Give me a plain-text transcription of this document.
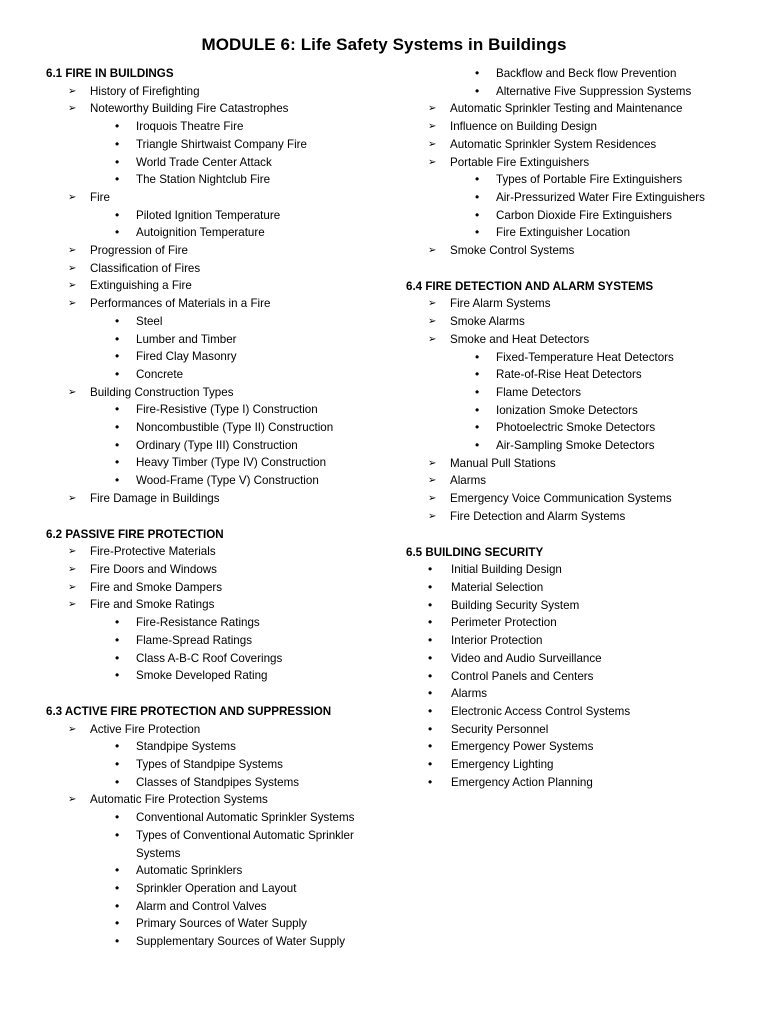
MODULE 6: Life Safety Systems in Buildings
6.1 FIRE IN BUILDINGS
➢ History of Firefighting
➢ Noteworthy Building Fire Catastrophes
• Iroquois Theatre Fire
• Triangle Shirtwaist Company Fire
• World Trade Center Attack
• The Station Nightclub Fire
➢ Fire
• Piloted Ignition Temperature
• Autoignition Temperature
➢ Progression of Fire
➢ Classification of Fires
➢ Extinguishing a Fire
➢ Performances of Materials in a Fire
• Steel
• Lumber and Timber
• Fired Clay Masonry
• Concrete
➢ Building Construction Types
• Fire-Resistive (Type I) Construction
• Noncombustible (Type II) Construction
• Ordinary (Type III) Construction
• Heavy Timber (Type IV) Construction
• Wood-Frame (Type V) Construction
➢ Fire Damage in Buildings
6.2 PASSIVE FIRE PROTECTION
➢ Fire-Protective Materials
➢ Fire Doors and Windows
➢ Fire and Smoke Dampers
➢ Fire and Smoke Ratings
• Fire-Resistance Ratings
• Flame-Spread Ratings
• Class A-B-C Roof Coverings
• Smoke Developed Rating
6.3 ACTIVE FIRE PROTECTION AND SUPPRESSION
➢ Active Fire Protection
• Standpipe Systems
• Types of Standpipe Systems
• Classes of Standpipes Systems
➢ Automatic Fire Protection Systems
• Conventional Automatic Sprinkler Systems
• Types of Conventional Automatic Sprinkler Systems
• Automatic Sprinklers
• Sprinkler Operation and Layout
• Alarm and Control Valves
• Primary Sources of Water Supply
• Supplementary Sources of Water Supply
• Backflow and Beck flow Prevention
• Alternative Five Suppression Systems
➢ Automatic Sprinkler Testing and Maintenance
➢ Influence on Building Design
➢ Automatic Sprinkler System Residences
➢ Portable Fire Extinguishers
• Types of Portable Fire Extinguishers
• Air-Pressurized Water Fire Extinguishers
• Carbon Dioxide Fire Extinguishers
• Fire Extinguisher Location
➢ Smoke Control Systems
6.4 FIRE DETECTION AND ALARM SYSTEMS
➢ Fire Alarm Systems
➢ Smoke Alarms
➢ Smoke and Heat Detectors
• Fixed-Temperature Heat Detectors
• Rate-of-Rise Heat Detectors
• Flame Detectors
• Ionization Smoke Detectors
• Photoelectric Smoke Detectors
• Air-Sampling Smoke Detectors
➢ Manual Pull Stations
➢ Alarms
➢ Emergency Voice Communication Systems
➢ Fire Detection and Alarm Systems
6.5 BUILDING SECURITY
• Initial Building Design
• Material Selection
• Building Security System
• Perimeter Protection
• Interior Protection
• Video and Audio Surveillance
• Control Panels and Centers
• Alarms
• Electronic Access Control Systems
• Security Personnel
• Emergency Power Systems
• Emergency Lighting
• Emergency Action Planning
